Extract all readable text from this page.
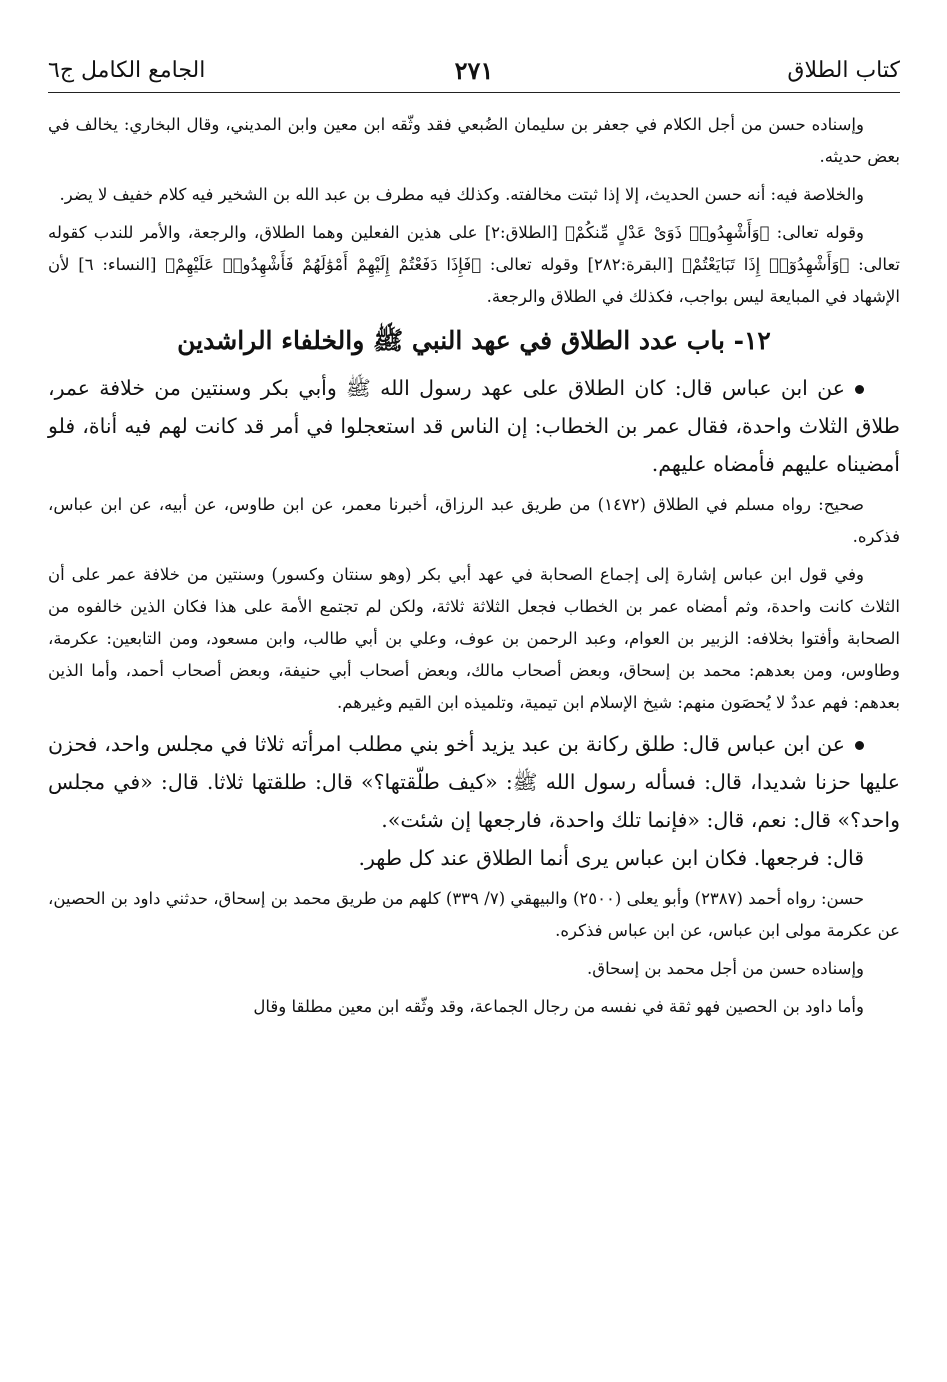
كتاب الطلاق
٢٧١
الجامع الكامل ج٦

وإسناده حسن من أجل الكلام في جعفر بن سليمان الضُبعي فقد وثّقه ابن معين وابن المديني، وقال البخاري: يخالف في بعض حديثه.

والخلاصة فيه: أنه حسن الحديث، إلا إذا ثبتت مخالفته. وكذلك فيه مطرف بن عبد الله بن الشخير فيه كلام خفيف لا يضر.

وقوله تعالى: ﴿وَأَشْهِدُوا۟ ذَوَىْ عَدْلٍ مِّنكُمْ﴾ [الطلاق:٢] على هذين الفعلين وهما الطلاق، والرجعة، والأمر للندب كقوله تعالى: ﴿وَأَشْهِدُوٓا۟ إِذَا تَبَايَعْتُمْ﴾ [البقرة:٢٨٢] وقوله تعالى: ﴿فَإِذَا دَفَعْتُمْ إِلَيْهِمْ أَمْوَٰلَهُمْ فَأَشْهِدُوا۟ عَلَيْهِمْ﴾ [النساء: ٦] لأن الإشهاد في المبايعة ليس بواجب، فكذلك في الطلاق والرجعة.

١٢- باب عدد الطلاق في عهد النبي ﷺ والخلفاء الراشدين

عن ابن عباس قال: كان الطلاق على عهد رسول الله ﷺ وأبي بكر وسنتين من خلافة عمر، طلاق الثلاث واحدة، فقال عمر بن الخطاب: إن الناس قد استعجلوا في أمر قد كانت لهم فيه أناة، فلو أمضيناه عليهم فأمضاه عليهم.

صحيح: رواه مسلم في الطلاق (١٤٧٢) من طريق عبد الرزاق، أخبرنا معمر، عن ابن طاوس، عن أبيه، عن ابن عباس، فذكره.

وفي قول ابن عباس إشارة إلى إجماع الصحابة في عهد أبي بكر (وهو سنتان وكسور) وسنتين من خلافة عمر على أن الثلاث كانت واحدة، وثم أمضاه عمر بن الخطاب فجعل الثلاثة ثلاثة، ولكن لم تجتمع الأمة على هذا فكان الذين خالفوه من الصحابة وأفتوا بخلافه: الزبير بن العوام، وعبد الرحمن بن عوف، وعلي بن أبي طالب، وابن مسعود، ومن التابعين: عكرمة، وطاوس، ومن بعدهم: محمد بن إسحاق، وبعض أصحاب مالك، وبعض أصحاب أبي حنيفة، وبعض أصحاب أحمد، وأما الذين بعدهم: فهم عددٌ لا يُحصَون منهم: شيخ الإسلام ابن تيمية، وتلميذه ابن القيم وغيرهم.

عن ابن عباس قال: طلق ركانة بن عبد يزيد أخو بني مطلب امرأته ثلاثا في مجلس واحد، فحزن عليها حزنا شديدا، قال: فسأله رسول الله ﷺ: «كيف طلّقتها؟» قال: طلقتها ثلاثا. قال: «في مجلس واحد؟» قال: نعم، قال: «فإنما تلك واحدة، فارجعها إن شئت».

قال: فرجعها. فكان ابن عباس يرى أنما الطلاق عند كل طهر.

حسن: رواه أحمد (٢٣٨٧) وأبو يعلى (٢٥٠٠) والبيهقي (٧/ ٣٣٩) كلهم من طريق محمد بن إسحاق، حدثني داود بن الحصين، عن عكرمة مولى ابن عباس، عن ابن عباس فذكره.

وإسناده حسن من أجل محمد بن إسحاق.

وأما داود بن الحصين فهو ثقة في نفسه من رجال الجماعة، وقد وثّقه ابن معين مطلقا وقال
